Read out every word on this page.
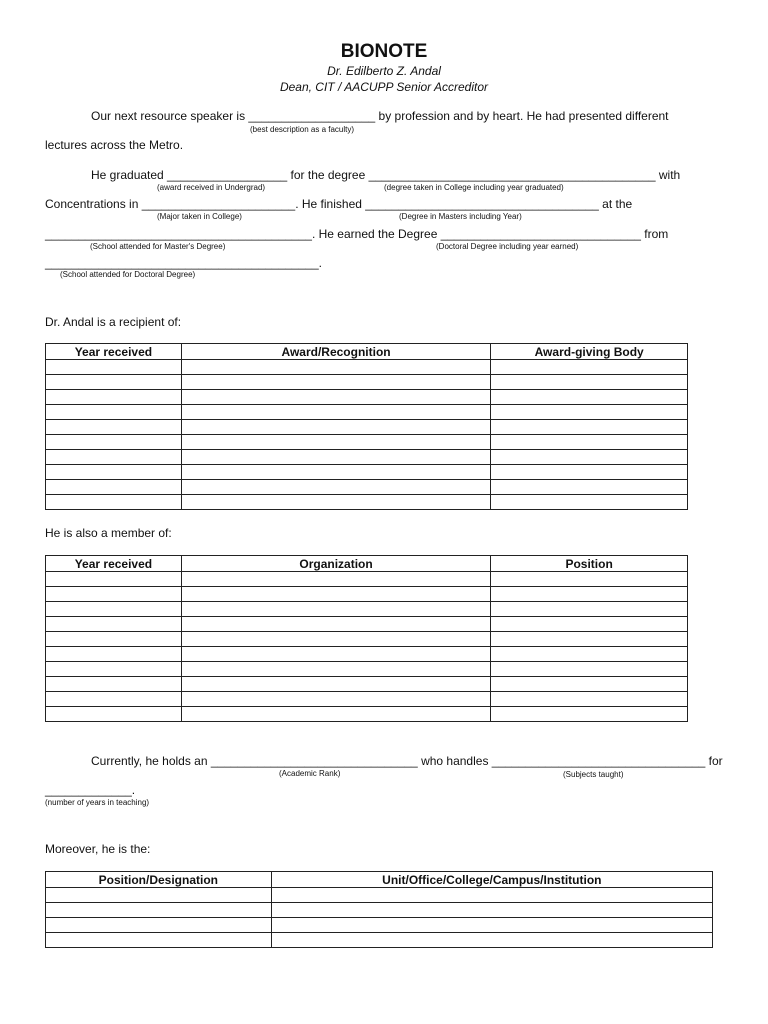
BIONOTE
Dr. Edilberto Z. Andal
Dean, CIT / AACUPP Senior Accreditor
Our next resource speaker is ___________________ by profession and by heart. He had presented different
(best description as a faculty)
lectures across the Metro.
He graduated __________________ for the degree ___________________________________________ with
(award received in Undergrad)	(degree taken in College including year graduated)
Concentrations in _______________________. He finished ___________________________________ at the
(Major taken in College)	(Degree in Masters including Year)
________________________________________. He earned the Degree ______________________________ from
(School attended for Master's Degree)	(Doctoral Degree including year earned)
_________________________________________.
(School attended for Doctoral Degree)
Dr. Andal is a recipient of:
Year received	Award/Recognition	Award-giving Body

He is also a member of:
Year received	Organization	Position

Currently, he holds an _______________________________ who handles ________________________________ for
(Academic Rank)	(Subjects taught)
_____________.
(number of years in teaching)
Moreover, he is the:
Position/Designation	Unit/Office/College/Campus/Institution
